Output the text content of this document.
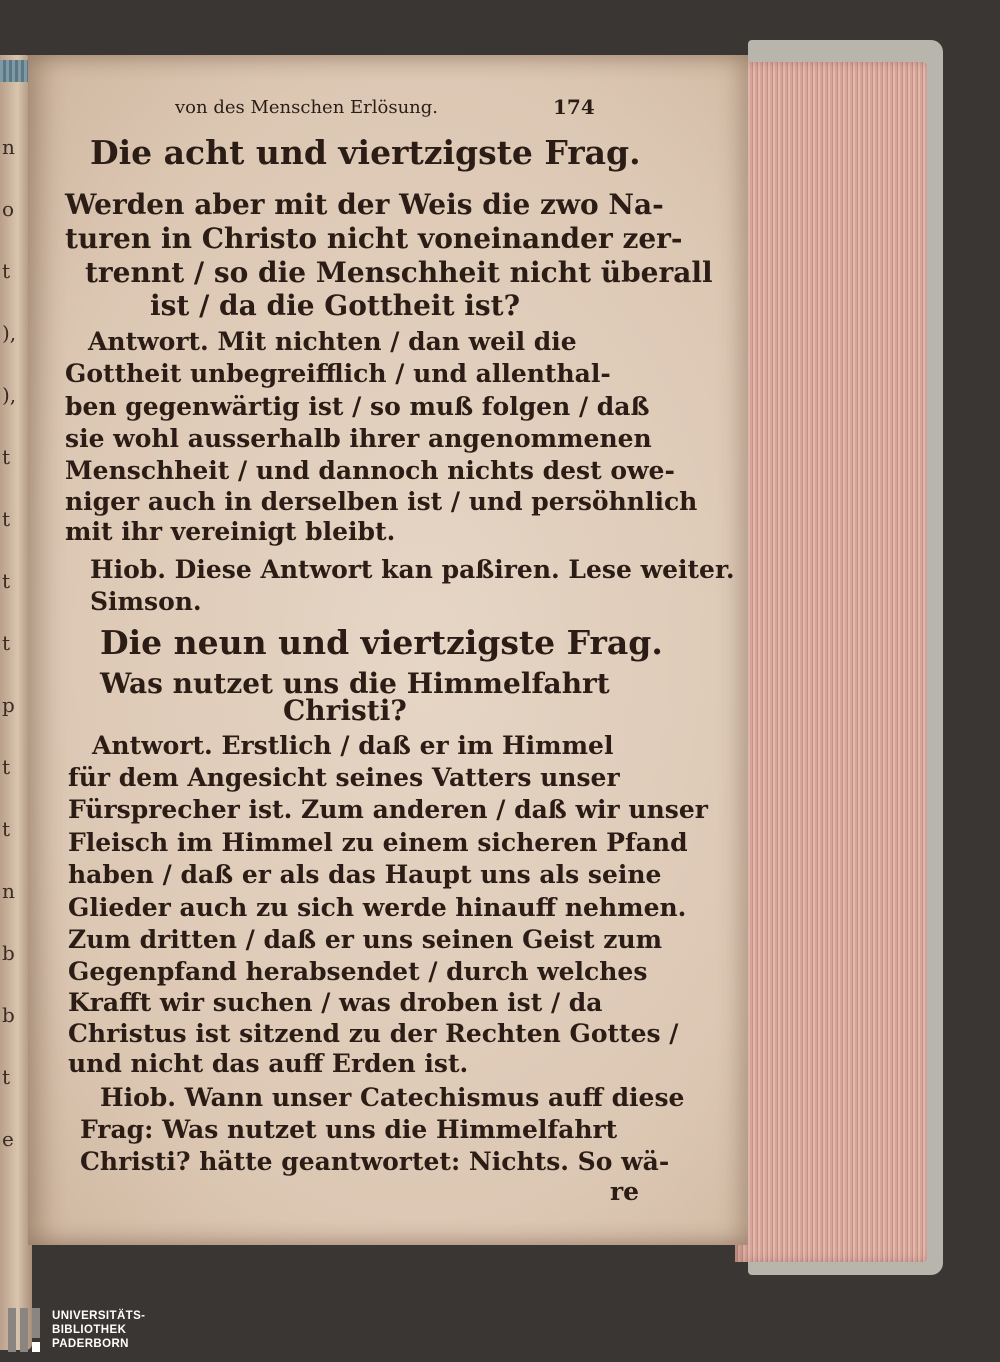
n
o
t
),
),
t
t
t
t
p
t
t
n
b
b
t
e
von des Menschen Erlösung.	174
Die acht und viertzigste Frag.
Werden aber mit der Weis die zwo Na-
turen in Christo nicht voneinander zer-
trennt / so die Menschheit nicht überall
ist / da die Gottheit ist?
Antwort. Mit nichten / dan weil die
Gottheit unbegreifflich / und allenthal-
ben gegenwärtig ist / so muß folgen / daß
sie wohl ausserhalb ihrer angenommenen
Menschheit / und dannoch nichts dest owe-
niger auch in derselben ist / und persöhnlich
mit ihr vereinigt bleibt.
Hiob. Diese Antwort kan paßiren. Lese weiter.
Simson.
Die neun und viertzigste Frag.
Was nutzet uns die Himmelfahrt
Christi?
Antwort. Erstlich / daß er im Himmel
für dem Angesicht seines Vatters unser
Fürsprecher ist. Zum anderen / daß wir unser
Fleisch im Himmel zu einem sicheren Pfand
haben / daß er als das Haupt uns als seine
Glieder auch zu sich werde hinauff nehmen.
Zum dritten / daß er uns seinen Geist zum
Gegenpfand herabsendet / durch welches
Krafft wir suchen / was droben ist / da
Christus ist sitzend zu der Rechten Gottes /
und nicht das auff Erden ist.
Hiob. Wann unser Catechismus auff diese
Frag: Was nutzet uns die Himmelfahrt
Christi? hätte geantwortet: Nichts. So wä-
re
UNIVERSITÄTS-
BIBLIOTHEK
PADERBORN
